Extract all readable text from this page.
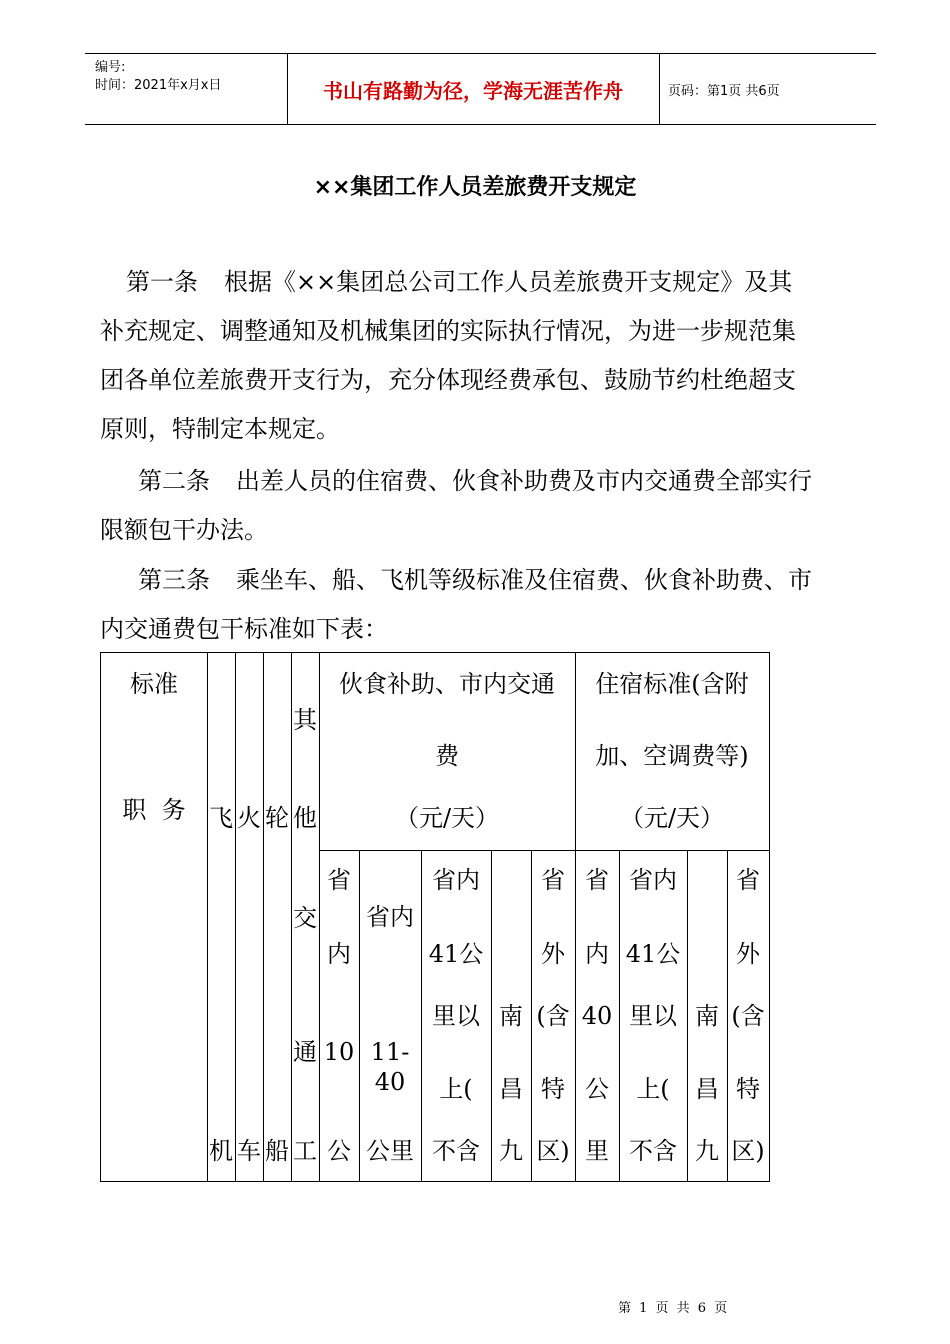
编号:
时间：2021年x月x日	书山有路勤为径，学海无涯苦作舟	页码：第1页 共6页
××集团工作人员差旅费开支规定
第一条 根据《××集团总公司工作人员差旅费开支规定》及其
补充规定、调整通知及机械集团的实际执行情况，为进一步规范集
团各单位差旅费开支行为，充分体现经费承包、鼓励节约杜绝超支
原则，特制定本规定。
第二条 出差人员的住宿费、伙食补助费及市内交通费全部实行
限额包干办法。
第三条 乘坐车、船、飞机等级标准及住宿费、伙食补助费、市
内交通费包干标准如下表：
标准
职  务 飞
机
火
车
轮
船
其
他
交
通
工
伙食补助、市内交通
费
（元/天）
住宿标准(含附
加、空调费等)
（元/天）
省
内
10
公
省内
11-40
公里
省内
41公
里以
上(
不含
南
昌
九
省
外
(含
特
区)
省
内
40
公
里
省内
41公
里以
上(
不含
南
昌
九
省
外
(含
特
区)
第 1 页 共 6 页
